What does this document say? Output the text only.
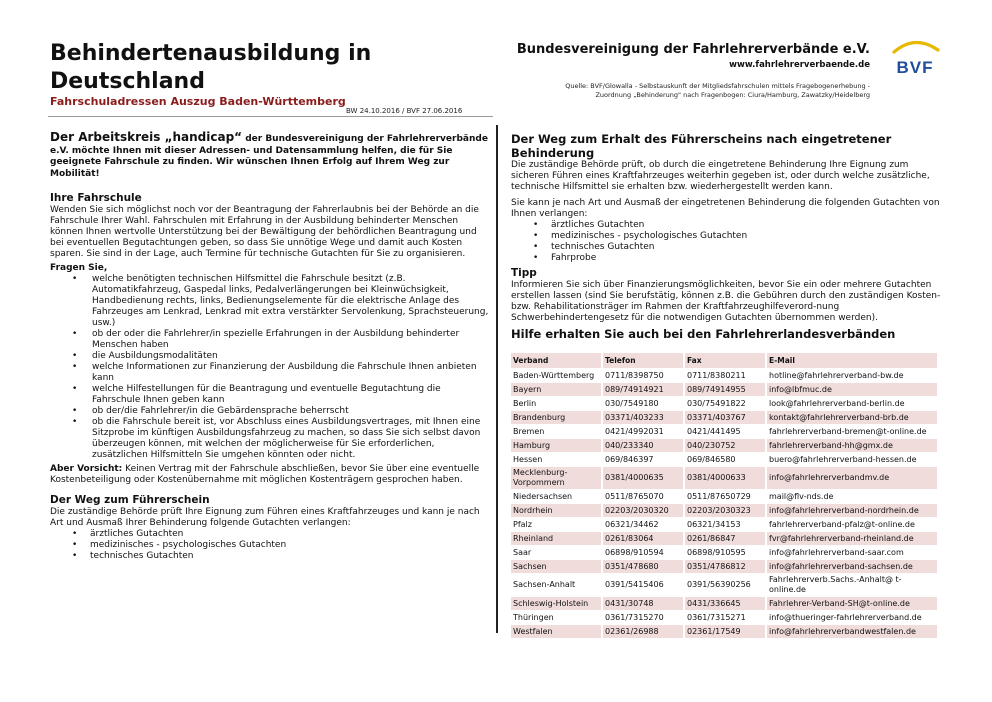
Behindertenausbildung in
Deutschland
Fahrschuladressen Auszug Baden-Württemberg
BW 24.10.2016 / BVF 27.06.2016
Bundesvereinigung der Fahrlehrerverbände e.V.
www.fahrlehrerverbaende.de
Quelle: BVF/Glowalla - Selbstauskunft der Mitgliedsfahrschulen mittels Fragebogenerhebung -
Zuordnung „Behinderung" nach Fragenbogen: Ciura/Hamburg, Zawatzky/Heidelberg
BVF
Der Arbeitskreis „handicap“ der Bundesvereinigung der Fahrlehrerverbände e.V. möchte Ihnen mit dieser Adressen- und Datensammlung helfen, die für Sie geeignete Fahrschule zu finden. Wir wünschen Ihnen Erfolg auf Ihrem Weg zur Mobilität!
Ihre Fahrschule

Wenden Sie sich möglichst noch vor der Beantragung der Fahrerlaubnis bei der Behörde an die Fahrschule Ihrer Wahl. Fahrschulen mit Erfahrung in der Ausbildung behinderter Menschen können Ihnen wertvolle Unterstützung bei der Bewältigung der behördlichen Beantragung und bei eventuellen Begutachtungen geben, so dass Sie unnötige Wege und damit auch Kosten sparen. Sie sind in der Lage, auch Termine für technische Gutachten für Sie zu organisieren.

Fragen Sie,
• welche benötigten technischen Hilfsmittel die Fahrschule besitzt (z.B. Automatikfahrzeug, Gaspedal links, Pedalverlängerungen bei Kleinwüchsigkeit, Handbedienung rechts, links, Bedienungselemente für die elektrische Anlage des Fahrzeuges am Lenkrad, Lenkrad mit extra verstärkter Servolenkung, Sprachsteuerung, usw.)
• ob der oder die Fahrlehrer/in spezielle Erfahrungen in der Ausbildung behinderter Menschen haben
• die Ausbildungsmodalitäten
• welche Informationen zur Finanzierung der Ausbildung die Fahrschule Ihnen anbieten kann
• welche Hilfestellungen für die Beantragung und eventuelle Begutachtung die Fahrschule Ihnen geben kann
• ob der/die Fahrlehrer/in die Gebärdensprache beherrscht
• ob die Fahrschule bereit ist, vor Abschluss eines Ausbildungsvertrages, mit Ihnen eine Sitzprobe im künftigen Ausbildungsfahrzeug zu machen, so dass Sie sich selbst davon überzeugen können, mit welchen der möglicherweise für Sie erforderlichen, zusätzlichen Hilfsmitteln Sie umgehen könnten oder nicht.

Aber Vorsicht: Keinen Vertrag mit der Fahrschule abschließen, bevor Sie über eine eventuelle Kostenbeteiligung oder Kostenübernahme mit möglichen Kostenträgern gesprochen haben.

Der Weg zum Führerschein

Die zuständige Behörde prüft Ihre Eignung zum Führen eines Kraftfahrzeuges und kann je nach Art und Ausmaß Ihrer Behinderung folgende Gutachten verlangen:

• ärztliches Gutachten
• medizinisches - psychologisches Gutachten
• technisches Gutachten
Der Weg zum Erhalt des Führerscheins nach eingetretener Behinderung

Die zuständige Behörde prüft, ob durch die eingetretene Behinderung Ihre Eignung zum sicheren Führen eines Kraftfahrzeuges weiterhin gegeben ist, oder durch welche zusätzliche, technische Hilfsmittel sie erhalten bzw. wiederhergestellt werden kann.

Sie kann je nach Art und Ausmaß der eingetretenen Behinderung die folgenden Gutachten von Ihnen verlangen:

• ärztliches Gutachten
• medizinisches - psychologisches Gutachten
• technisches Gutachten
• Fahrprobe
Tipp

Informieren Sie sich über Finanzierungsmöglichkeiten, bevor Sie ein oder mehrere Gutachten erstellen lassen (sind Sie berufstätig, können z.B. die Gebühren durch den zuständigen Kosten- bzw. Rehabilitationsträger im Rahmen der Kraftfahrzeughilfeverord-nung Schwerbehindertengesetz für die notwendigen Gutachten übernommen werden).

Hilfe erhalten Sie auch bei den Fahrlehrerlandesverbänden
Verband	Telefon	Fax	E-Mail
Baden-Württemberg	0711/8398750	0711/8380211	hotline@fahrlehrerverband-bw.de
Bayern	089/74914921	089/74914955	info@lbfmuc.de
Berlin	030/7549180	030/75491822	look@fahrlehrerverband-berlin.de
Brandenburg	03371/403233	03371/403767	kontakt@fahrlehrerverband-brb.de
Bremen	0421/4992031	0421/441495	fahrlehrerverband-bremen@t-online.de
Hamburg	040/233340	040/230752	fahrlehrerverband-hh@gmx.de
Hessen	069/846397	069/846580	buero@fahrlehrerverband-hessen.de
Mecklenburg-Vorpommern	0381/4000635	0381/4000633	info@fahrlehrerverbandmv.de
Niedersachsen	0511/8765070	0511/87650729	mail@flv-nds.de
Nordrhein	02203/2030320	02203/2030323	info@fahrlehrerverband-nordrhein.de
Pfalz	06321/34462	06321/34153	fahrlehrerverband-pfalz@t-online.de
Rheinland	0261/83064	0261/86847	fvr@fahrlehrerverband-rheinland.de
Saar	06898/910594	06898/910595	info@fahrlehrerverband-saar.com
Sachsen	0351/478680	0351/4786812	info@fahrlehrerverband-sachsen.de
Sachsen-Anhalt	0391/5415406	0391/56390256	Fahrlehrerverb.Sachs.-Anhalt@ t-online.de
Schleswig-Holstein	0431/30748	0431/336645	Fahrlehrer-Verband-SH@t-online.de
Thüringen	0361/7315270	0361/7315271	info@thueringer-fahrlehrerverband.de
Westfalen	02361/26988	02361/17549	info@fahrlehrerverbandwestfalen.de
